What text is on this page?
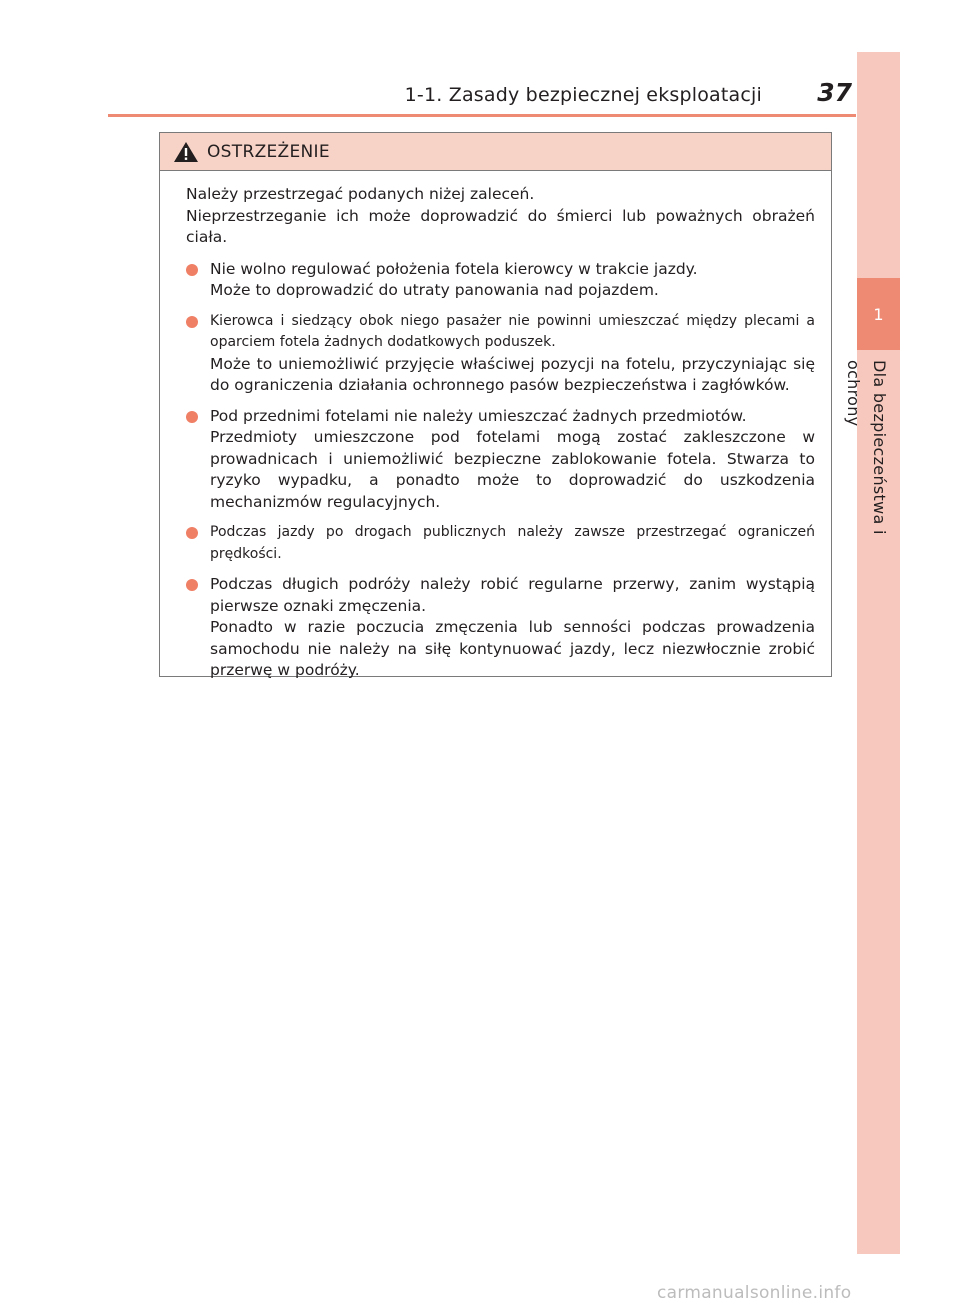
1-1. Zasady bezpiecznej eksploatacji 37
1
Dla bezpieczeństwa i ochrony
OSTRZEŻENIE

Należy przestrzegać podanych niżej zaleceń.
Nieprzestrzeganie ich może doprowadzić do śmierci lub poważnych obrażeń ciała.

Nie wolno regulować położenia fotela kierowcy w trakcie jazdy.
Może to doprowadzić do utraty panowania nad pojazdem.
Kierowca i siedzący obok niego pasażer nie powinni umieszczać między plecami a oparciem fotela żadnych dodatkowych poduszek.
Może to uniemożliwić przyjęcie właściwej pozycji na fotelu, przyczyniając się do ograniczenia działania ochronnego pasów bezpieczeństwa i zagłówków.
Pod przednimi fotelami nie należy umieszczać żadnych przedmiotów.
Przedmioty umieszczone pod fotelami mogą zostać zakleszczone w prowadnicach i uniemożliwić bezpieczne zablokowanie fotela. Stwarza to ryzyko wypadku, a ponadto może to doprowadzić do uszkodzenia mechanizmów regulacyjnych.
Podczas jazdy po drogach publicznych należy zawsze przestrzegać ograniczeń prędkości.
Podczas długich podróży należy robić regularne przerwy, zanim wystąpią pierwsze oznaki zmęczenia.
Ponadto w razie poczucia zmęczenia lub senności podczas prowadzenia samochodu nie należy na siłę kontynuować jazdy, lecz niezwłocznie zrobić przerwę w podróży.
carmanualsonline.info
